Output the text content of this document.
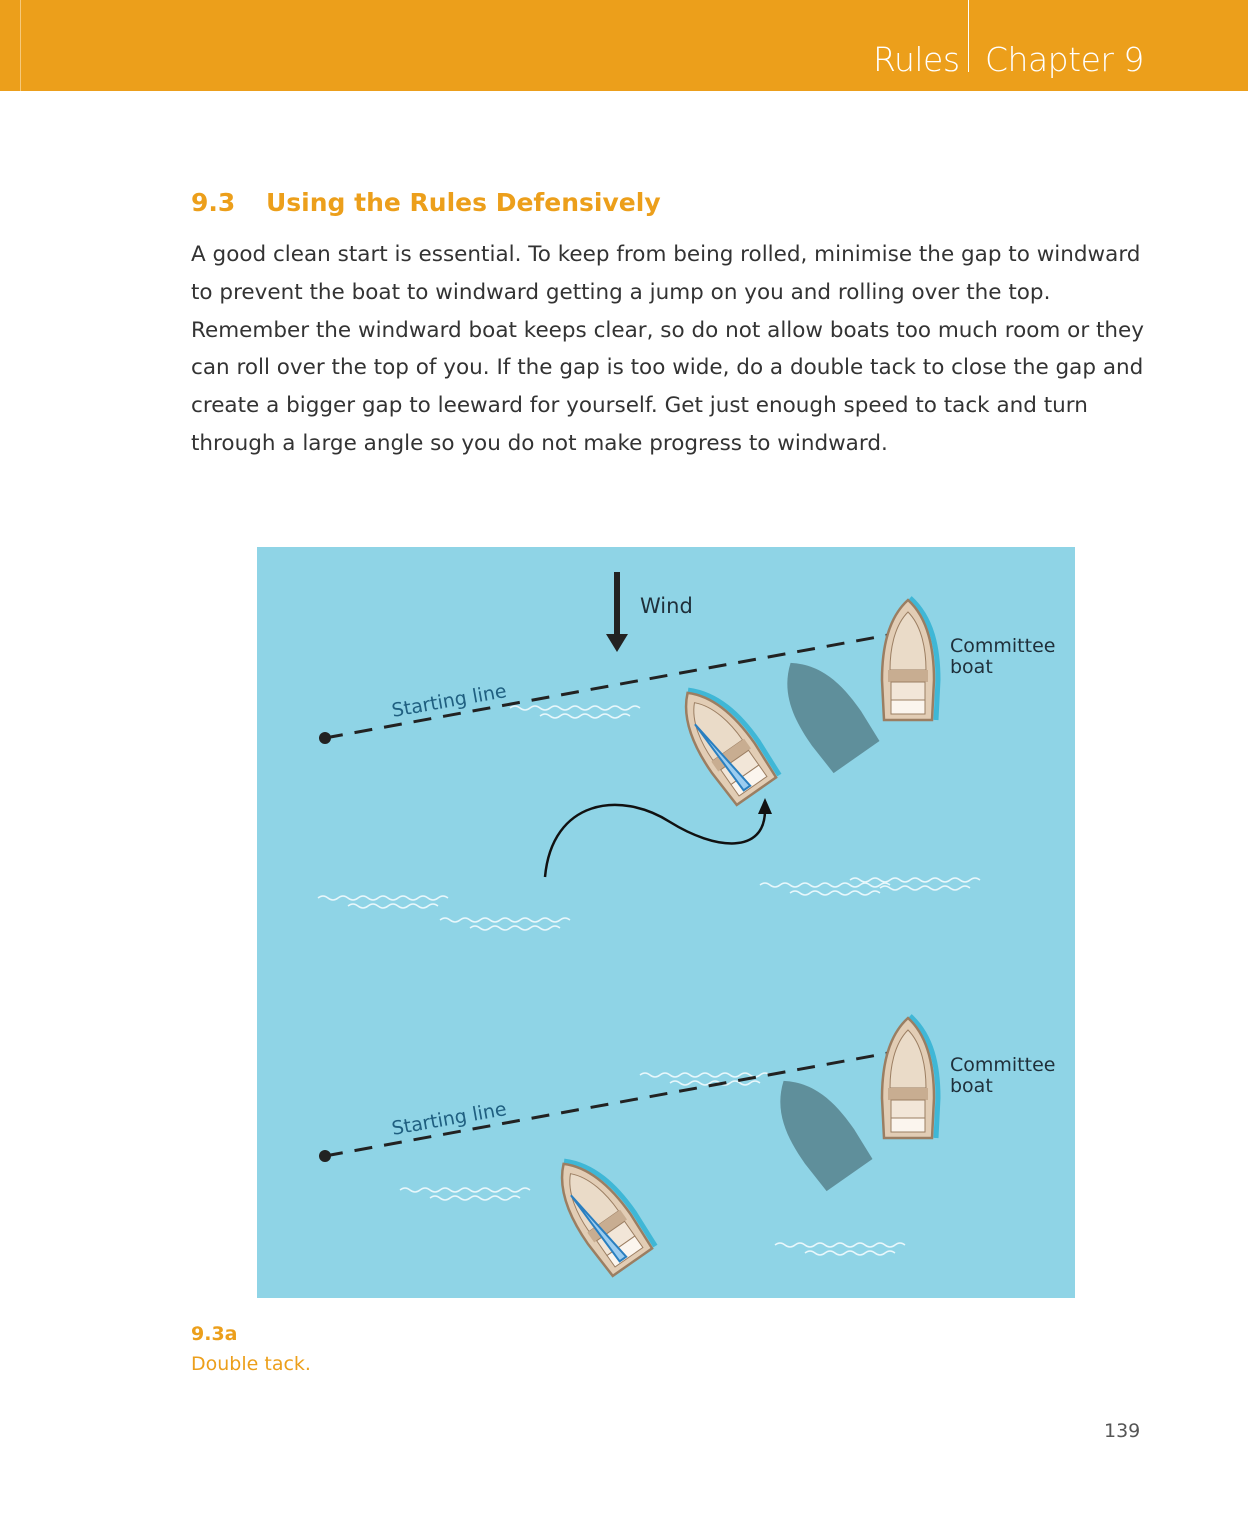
Rules Chapter 9
9.3 Using the Rules Defensively
A good clean start is essential. To keep from being rolled, minimise the gap to windward to prevent the boat to windward getting a jump on you and rolling over the top. Remember the windward boat keeps clear, so do not allow boats too much room or they can roll over the top of you. If the gap is too wide, do a double tack to close the gap and create a bigger gap to leeward for yourself. Get just enough speed to tack and turn through a large angle so you do not make progress to windward.
Wind
Starting line
Committee
boat
Starting line
Committee
boat
9.3a
Double tack.
139
